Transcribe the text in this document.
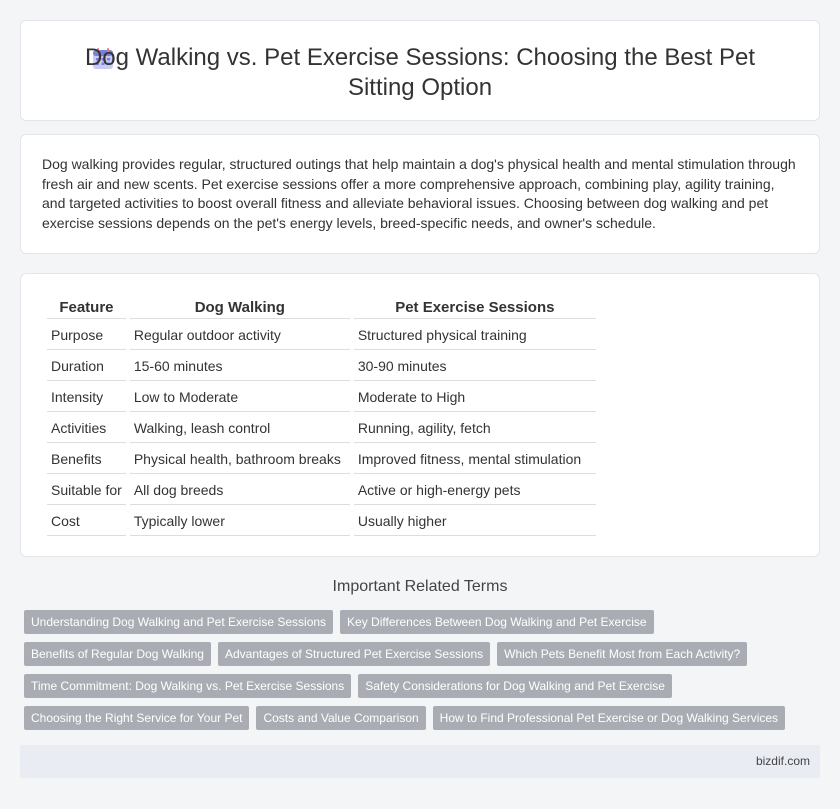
Dog Walking vs. Pet Exercise Sessions: Choosing the Best Pet Sitting Option

Dog walking provides regular, structured outings that help maintain a dog's physical health and mental stimulation through fresh air and new scents. Pet exercise sessions offer a more comprehensive approach, combining play, agility training, and targeted activities to boost overall fitness and alleviate behavioral issues. Choosing between dog walking and pet exercise sessions depends on the pet's energy levels, breed-specific needs, and owner's schedule.

Feature	Dog Walking	Pet Exercise Sessions
Purpose	Regular outdoor activity	Structured physical training
Duration	15-60 minutes	30-90 minutes
Intensity	Low to Moderate	Moderate to High
Activities	Walking, leash control	Running, agility, fetch
Benefits	Physical health, bathroom breaks	Improved fitness, mental stimulation
Suitable for	All dog breeds	Active or high-energy pets
Cost	Typically lower	Usually higher
Important Related Terms
Understanding Dog Walking and Pet Exercise Sessions	Key Differences Between Dog Walking and Pet Exercise
Benefits of Regular Dog Walking	Advantages of Structured Pet Exercise Sessions	Which Pets Benefit Most from Each Activity?
Time Commitment: Dog Walking vs. Pet Exercise Sessions	Safety Considerations for Dog Walking and Pet Exercise
Choosing the Right Service for Your Pet	Costs and Value Comparison	How to Find Professional Pet Exercise or Dog Walking Services
bizdif.com
